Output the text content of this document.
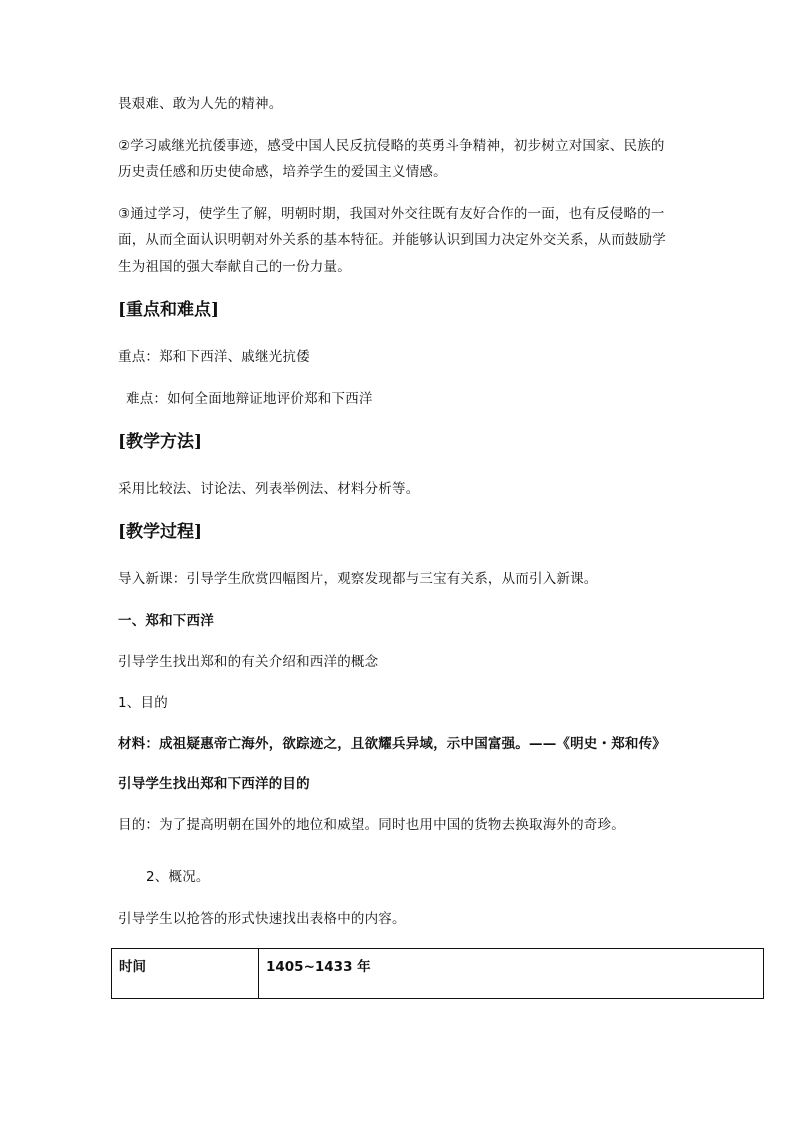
畏艰难、敢为人先的精神。
②学习戚继光抗倭事迹，感受中国人民反抗侵略的英勇斗争精神，初步树立对国家、民族的
历史责任感和历史使命感，培养学生的爱国主义情感。
③通过学习，使学生了解，明朝时期，我国对外交往既有友好合作的一面，也有反侵略的一
面，从而全面认识明朝对外关系的基本特征。并能够认识到国力决定外交关系，从而鼓励学
生为祖国的强大奉献自己的一份力量。
[重点和难点]
重点：郑和下西洋、戚继光抗倭
难点：如何全面地辩证地评价郑和下西洋
[教学方法]
采用比较法、讨论法、列表举例法、材料分析等。
[教学过程]
导入新课：引导学生欣赏四幅图片，观察发现都与三宝有关系，从而引入新课。
一、郑和下西洋
引导学生找出郑和的有关介绍和西洋的概念
1、目的
材料：成祖疑惠帝亡海外，欲踪迹之，且欲耀兵异域，示中国富强。——《明史・郑和传》
引导学生找出郑和下西洋的目的
目的：为了提高明朝在国外的地位和威望。同时也用中国的货物去换取海外的奇珍。
2、概况。
引导学生以抢答的形式快速找出表格中的内容。
时间	1405~1433 年
